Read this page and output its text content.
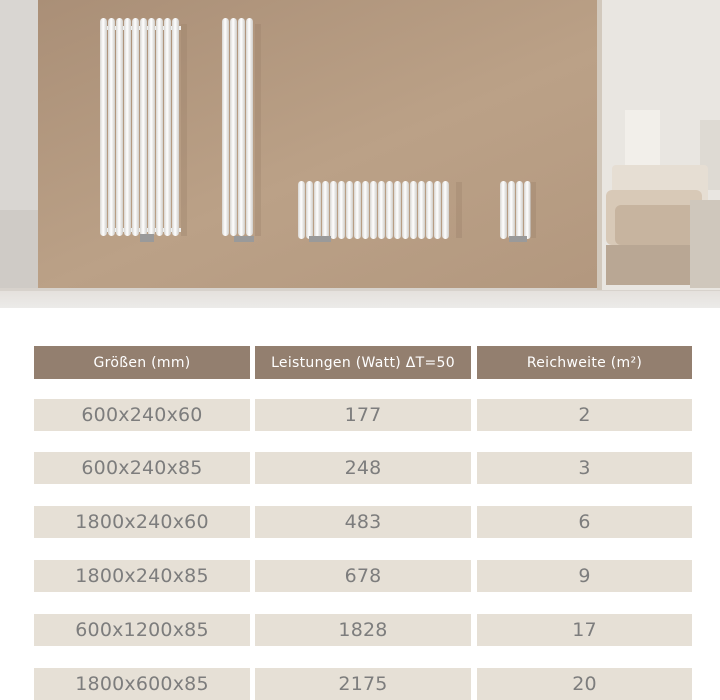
Größen (mm)	Leistungen (Watt) ΔT=50	Reichweite (m²)
600x240x60	177	2
600x240x85	248	3
1800x240x60	483	6
1800x240x85	678	9
600x1200x85	1828	17
1800x600x85	2175	20
